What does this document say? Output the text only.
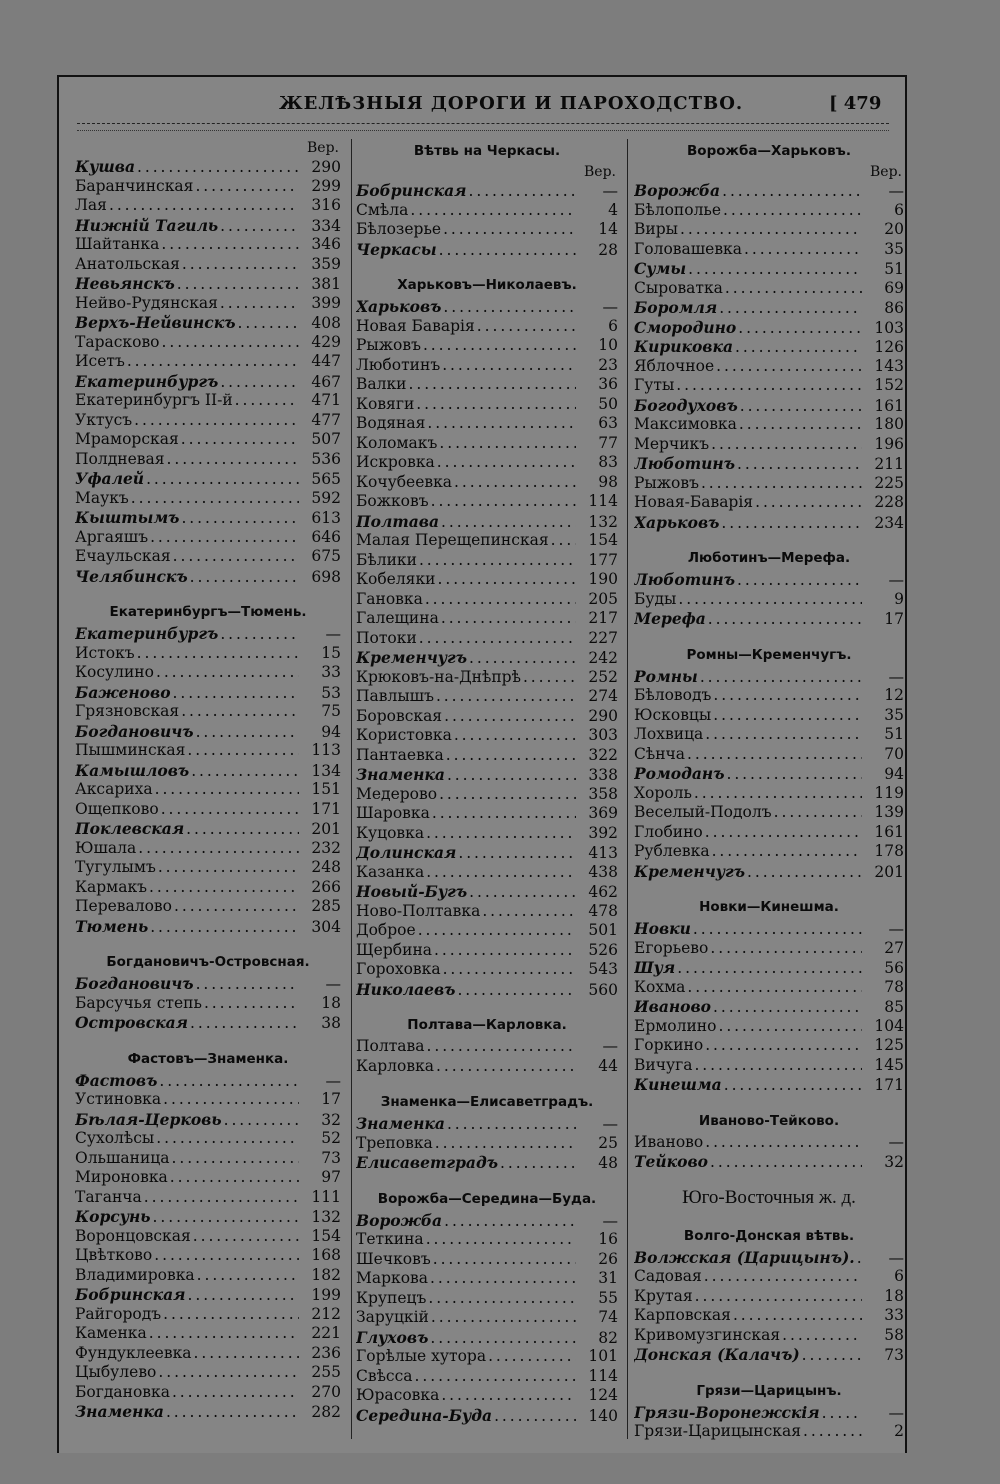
ЖЕЛѢЗНЫЯ ДОРОГИ И ПАРОХОДСТВО.	[ 479
Вер.
Кушва . . .	290
Баранчинская . . .	299
Лая . . .	316
Нижній Тагиль . . .	334
Шайтанка . . .	346
Анатольская . . .	359
Невьянскъ . . .	381
Нейво-Рудянская . . .	399
Верхъ-Нейвинскъ . . .	408
Тарасково . . .	429
Исетъ . . .	447
Екатеринбургъ . . .	467
Екатеринбургъ II-й . . .	471
Уктусъ . . .	477
Мраморская . . .	507
Полдневая . . .	536
Уфалей . . .	565
Маукъ . . .	592
Кыштымъ . . .	613
Аргаяшъ . . .	646
Ечаульская . . .	675
Челябинскъ . . .	698
Екатеринбургъ—Тюмень.
Екатеринбургъ . . .	—
Истокъ . . .	15
Косулино . . .	33
Баженово . . .	53
Грязновская . . .	75
Богдановичъ . . .	94
Пышминская . . .	113
Камышловъ . . .	134
Аксариха . . .	151
Ощепково . . .	171
Поклевская . . .	201
Юшала . . .	232
Тугулымъ . . .	248
Кармакъ . . .	266
Перевалово . . .	285
Тюмень . . .	304
Богдановичъ-Островсная.
Богдановичъ . . .	—
Барсучья степь . . .	18
Островская . . .	38
Фастовъ—Знаменка.
Фастовъ . . .	—
Устиновка . . .	17
Бѣлая-Церковь . . .	32
Сухолѣсы . . .	52
Ольшаница . . .	73
Мироновка . . .	97
Таганча . . .	111
Корсунь . . .	132
Воронцовская . . .	154
Цвѣтково . . .	168
Владимировка . . .	182
Бобринская . . .	199
Райгородъ . . .	212
Каменка . . .	221
Фундуклеевка . . .	236
Цыбулево . . .	255
Богдановка . . .	270
Знаменка . . .	282
Вѣтвь на Черкасы.
Вер.
Бобринская . . .	—
Смѣла . . .	4
Бѣлозерье . . .	14
Черкасы . . .	28
Харьковъ—Николаевъ.
Харьковъ . . .	—
Новая Баварія . . .	6
Рыжовъ . . .	10
Люботинъ . . .	23
Валки . . .	36
Ковяги . . .	50
Водяная . . .	63
Коломакъ . . .	77
Искровка . . .	83
Кочубеевка . . .	98
Божковъ . . .	114
Полтава . . .	132
Малая Перещепинская . . .	154
Бѣлики . . .	177
Кобеляки . . .	190
Гановка . . .	205
Галещина . . .	217
Потоки . . .	227
Кременчугъ . . .	242
Крюковъ-на-Днѣпрѣ . . .	252
Павлышъ . . .	274
Боровская . . .	290
Користовка . . .	303
Пантаевка . . .	322
Знаменка . . .	338
Медерово . . .	358
Шаровка . . .	369
Куцовка . . .	392
Долинская . . .	413
Казанка . . .	438
Новый-Бугъ . . .	462
Ново-Полтавка . . .	478
Доброе . . .	501
Щербина . . .	526
Гороховка . . .	543
Николаевъ . . .	560
Полтава—Карловка.
Полтава . . .	—
Карловка . . .	44
Знаменка—Елисаветградъ.
Знаменка . . .	—
Треповка . . .	25
Елисаветградъ . . .	48
Ворожба—Середина—Буда.
Ворожба . . .	—
Теткина . . .	16
Шечковъ . . .	26
Маркова . . .	31
Крупецъ . . .	55
Заруцкій . . .	74
Глуховъ . . .	82
Горѣлые хутора . . .	101
Свѣсса . . .	114
Юрасовка . . .	124
Середина-Буда . . .	140
Ворожба—Харьковъ.
Вер.
Ворожба . . .	—
Бѣлополье . . .	6
Виры . . .	20
Головашевка . . .	35
Сумы . . .	51
Сыроватка . . .	69
Боромля . . .	86
Смородино . . .	103
Кириковка . . .	126
Яблочное . . .	143
Гуты . . .	152
Богодуховъ . . .	161
Максимовка . . .	180
Мерчикъ . . .	196
Люботинъ . . .	211
Рыжовъ . . .	225
Новая-Баварія . . .	228
Харьковъ . . .	234
Люботинъ—Мерефа.
Люботинъ . . .	—
Буды . . .	9
Мерефа . . .	17
Ромны—Кременчугъ.
Ромны . . .	—
Бѣловодъ . . .	12
Юсковцы . . .	35
Лохвица . . .	51
Сѣнча . . .	70
Ромоданъ . . .	94
Хороль . . .	119
Веселый-Подолъ . . .	139
Глобино . . .	161
Рублевка . . .	178
Кременчугъ . . .	201
Новки—Кинешма.
Новки . . .	—
Егорьево . . .	27
Шуя . . .	56
Кохма . . .	78
Иваново . . .	85
Ермолино . . .	104
Горкино . . .	125
Вичуга . . .	145
Кинешма . . .	171
Иваново-Тейково.
Иваново . . .	—
Тейково . . .	32
Юго-Восточныя ж. д.
Волго-Донская вѣтвь.
Волжская (Царицынъ). . . .	—
Садовая . . .	6
Крутая . . .	18
Карповская . . .	33
Кривомузгинская . . .	58
Донская (Калачъ) . . .	73
Грязи—Царицынъ.
Грязи-Воронежскія . . .	—
Грязи-Царицынская . . .	2
